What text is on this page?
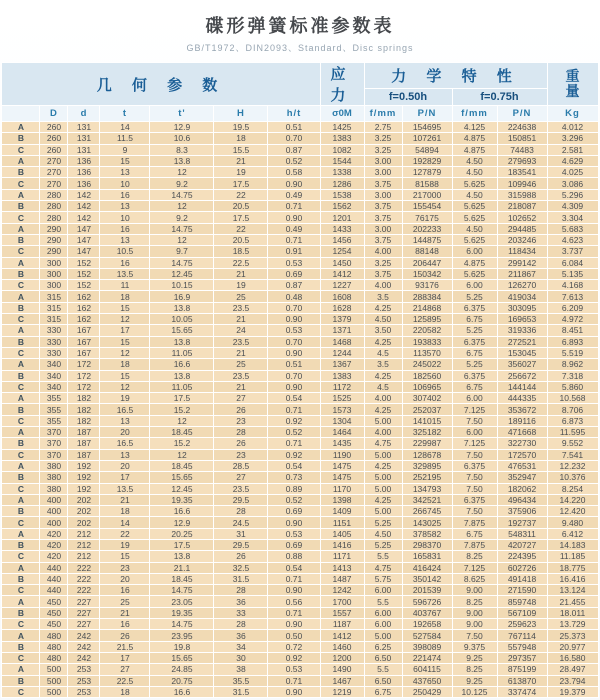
碟形弹簧标准参数表
GB/T1972、DIN2093、Standard、Disc springs
几 何 参 数							应 力	力 学 特 性				重
量

								f=0.50h		f=0.75h		
	D	d	t	t'	H	h/t	σ0M	f/mm	P/N	f/mm	P/N	Kg
A	260	131	14	12.9	19.5	0.51	1425	2.75	154695	4.125	224638	4.012
B	260	131	11.5	10.6	18	0.70	1383	3.25	107261	4.875	150851	3.296
C	260	131	9	8.3	15.5	0.87	1082	3.25	54894	4.875	74483	2.581
A	270	136	15	13.8	21	0.52	1544	3.00	192829	4.50	279693	4.629
B	270	136	13	12	19	0.58	1338	3.00	127879	4.50	183541	4.025
C	270	136	10	9.2	17.5	0.90	1286	3.75	81588	5.625	109946	3.086
A	280	142	16	14.75	22	0.49	1538	3.00	217000	4.50	315988	5.296
B	280	142	13	12	20.5	0.71	1562	3.75	155454	5.625	218087	4.309
C	280	142	10	9.2	17.5	0.90	1201	3.75	76175	5.625	102652	3.304
A	290	147	16	14.75	22	0.49	1433	3.00	202233	4.50	294485	5.683
B	290	147	13	12	20.5	0.71	1456	3.75	144875	5.625	203246	4.623
C	290	147	10.5	9.7	18.5	0.91	1254	4.00	88148	6.00	118434	3.737
A	300	152	16	14.75	22.5	0.53	1450	3.25	206447	4.875	299142	6.084
B	300	152	13.5	12.45	21	0.69	1412	3.75	150342	5.625	211867	5.135
C	300	152	11	10.15	19	0.87	1227	4.00	93176	6.00	126270	4.168
A	315	162	18	16.9	25	0.48	1608	3.5	288384	5.25	419034	7.613
B	315	162	15	13.8	23.5	0.70	1628	4.25	214868	6.375	303095	6.209
C	315	162	12	10.05	21	0.90	1379	4.50	125895	6.75	169653	4.972
A	330	167	17	15.65	24	0.53	1371	3.50	220582	5.25	319336	8.451
B	330	167	15	13.8	23.5	0.70	1468	4.25	193833	6.375	272521	6.893
C	330	167	12	11.05	21	0.90	1244	4.5	113570	6.75	153045	5.519
A	340	172	18	16.6	25	0.51	1367	3.5	245022	5.25	356027	8.962
B	340	172	15	13.8	23.5	0.70	1383	4.25	182560	6.375	256672	7.318
C	340	172	12	11.05	21	0.90	1172	4.5	106965	6.75	144144	5.860
A	355	182	19	17.5	27	0.54	1525	4.00	307402	6.00	444335	10.568
B	355	182	16.5	15.2	26	0.71	1573	4.25	252037	7.125	353672	8.706
C	355	182	13	12	23	0.92	1304	5.00	141015	7.50	189116	6.873
A	370	187	20	18.45	28	0.52	1464	4.00	325182	6.00	471668	11.595
B	370	187	16.5	15.2	26	0.71	1435	4.75	229987	7.125	322730	9.552
C	370	187	13	12	23	0.92	1190	5.00	128678	7.50	172570	7.541
A	380	192	20	18.45	28.5	0.54	1475	4.25	329895	6.375	476531	12.232
B	380	192	17	15.65	27	0.73	1475	5.00	252195	7.50	352947	10.376
C	380	192	13.5	12.45	23.5	0.89	1170	5.00	134793	7.50	182062	8.254
A	400	202	21	19.35	29.5	0.52	1398	4.25	342521	6.375	496434	14.220
B	400	202	18	16.6	28	0.69	1409	5.00	266745	7.50	375906	12.420
C	400	202	14	12.9	24.5	0.90	1151	5.25	143025	7.875	192737	9.480
A	420	212	22	20.25	31	0.53	1405	4.50	378582	6.75	548311	6.412
B	420	212	19	17.5	29.5	0.69	1416	5.25	298370	7.875	420727	14.183
C	420	212	15	13.8	26	0.88	1171	5.5	165831	8.25	224395	11.185
A	440	222	23	21.1	32.5	0.54	1413	4.75	416424	7.125	602726	18.775
B	440	222	20	18.45	31.5	0.71	1487	5.75	350142	8.625	491418	16.416
C	440	222	16	14.75	28	0.90	1242	6.00	201539	9.00	271590	13.124
A	450	227	25	23.05	36	0.56	1700	5.5	596726	8.25	859748	21.455
B	450	227	21	19.35	33	0.71	1557	6.00	403767	9.00	567109	18.011
C	450	227	16	14.75	28	0.90	1187	6.00	192658	9.00	259623	13.729
A	480	242	26	23.95	36	0.50	1412	5.00	527584	7.50	767114	25.373
B	480	242	21.5	19.8	34	0.72	1460	6.25	398089	9.375	557948	20.977
C	480	242	17	15.65	30	0.92	1200	6.50	221474	9.25	297357	16.580
A	500	253	27	24.85	38	0.53	1490	5.5	604115	8.25	875199	28.497
B	500	253	22.5	20.75	35.5	0.71	1467	6.50	437650	9.25	613870	23.794
C	500	253	18	16.6	31.5	0.90	1219	6.75	250429	10.125	337474	19.379
